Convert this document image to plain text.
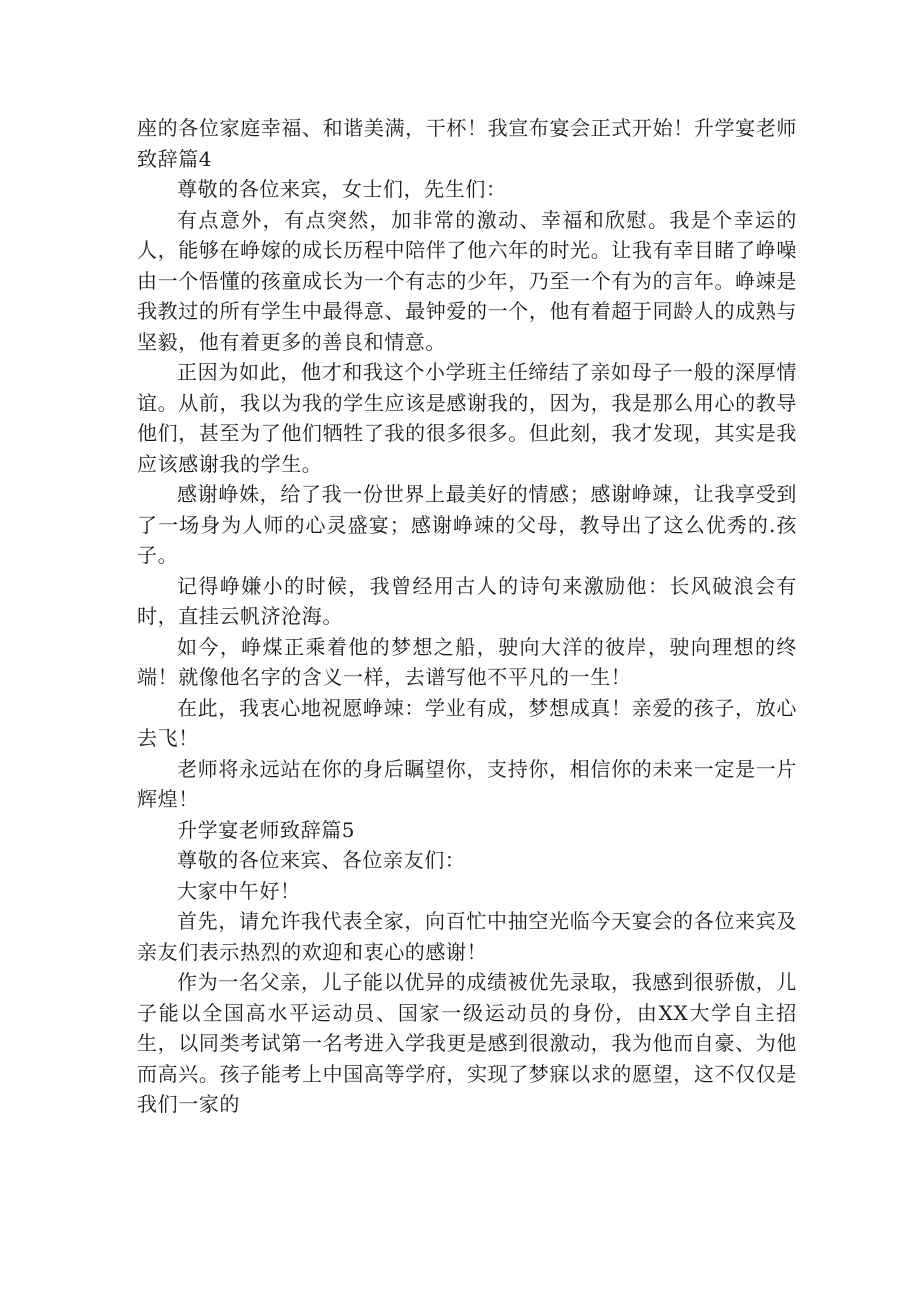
座的各位家庭幸福、和谐美满，干杯！我宣布宴会正式开始！升学宴老师致辞篇4

尊敬的各位来宾，女士们，先生们：

有点意外，有点突然，加非常的激动、幸福和欣慰。我是个幸运的人，能够在峥嫁的成长历程中陪伴了他六年的时光。让我有幸目睹了峥噪由一个悟懂的孩童成长为一个有志的少年，乃至一个有为的言年。峥竦是我教过的所有学生中最得意、最钟爱的一个，他有着超于同龄人的成熟与坚毅，他有着更多的善良和情意。

正因为如此，他才和我这个小学班主任缔结了亲如母子一般的深厚情谊。从前，我以为我的学生应该是感谢我的，因为，我是那么用心的教导他们，甚至为了他们牺牲了我的很多很多。但此刻，我才发现，其实是我应该感谢我的学生。

感谢峥姝，给了我一份世界上最美好的情感；感谢峥竦，让我享受到了一场身为人师的心灵盛宴；感谢峥竦的父母，教导出了这么优秀的.孩子。

记得峥嫌小的时候，我曾经用古人的诗句来激励他：长风破浪会有时，直挂云帆济沧海。

如今，峥煤正乘着他的梦想之船，驶向大洋的彼岸，驶向理想的终端！就像他名字的含义一样，去谱写他不平凡的一生！

在此，我衷心地祝愿峥竦：学业有成，梦想成真！亲爱的孩子，放心去飞！

老师将永远站在你的身后瞩望你，支持你，相信你的未来一定是一片辉煌！

升学宴老师致辞篇5

尊敬的各位来宾、各位亲友们：

大家中午好！

首先，请允许我代表全家，向百忙中抽空光临今天宴会的各位来宾及亲友们表示热烈的欢迎和衷心的感谢！

作为一名父亲，儿子能以优异的成绩被优先录取，我感到很骄傲，儿子能以全国高水平运动员、国家一级运动员的身份，由XX大学自主招生，以同类考试第一名考进入学我更是感到很激动，我为他而自豪、为他而高兴。孩子能考上中国高等学府，实现了梦寐以求的愿望，这不仅仅是我们一家的
